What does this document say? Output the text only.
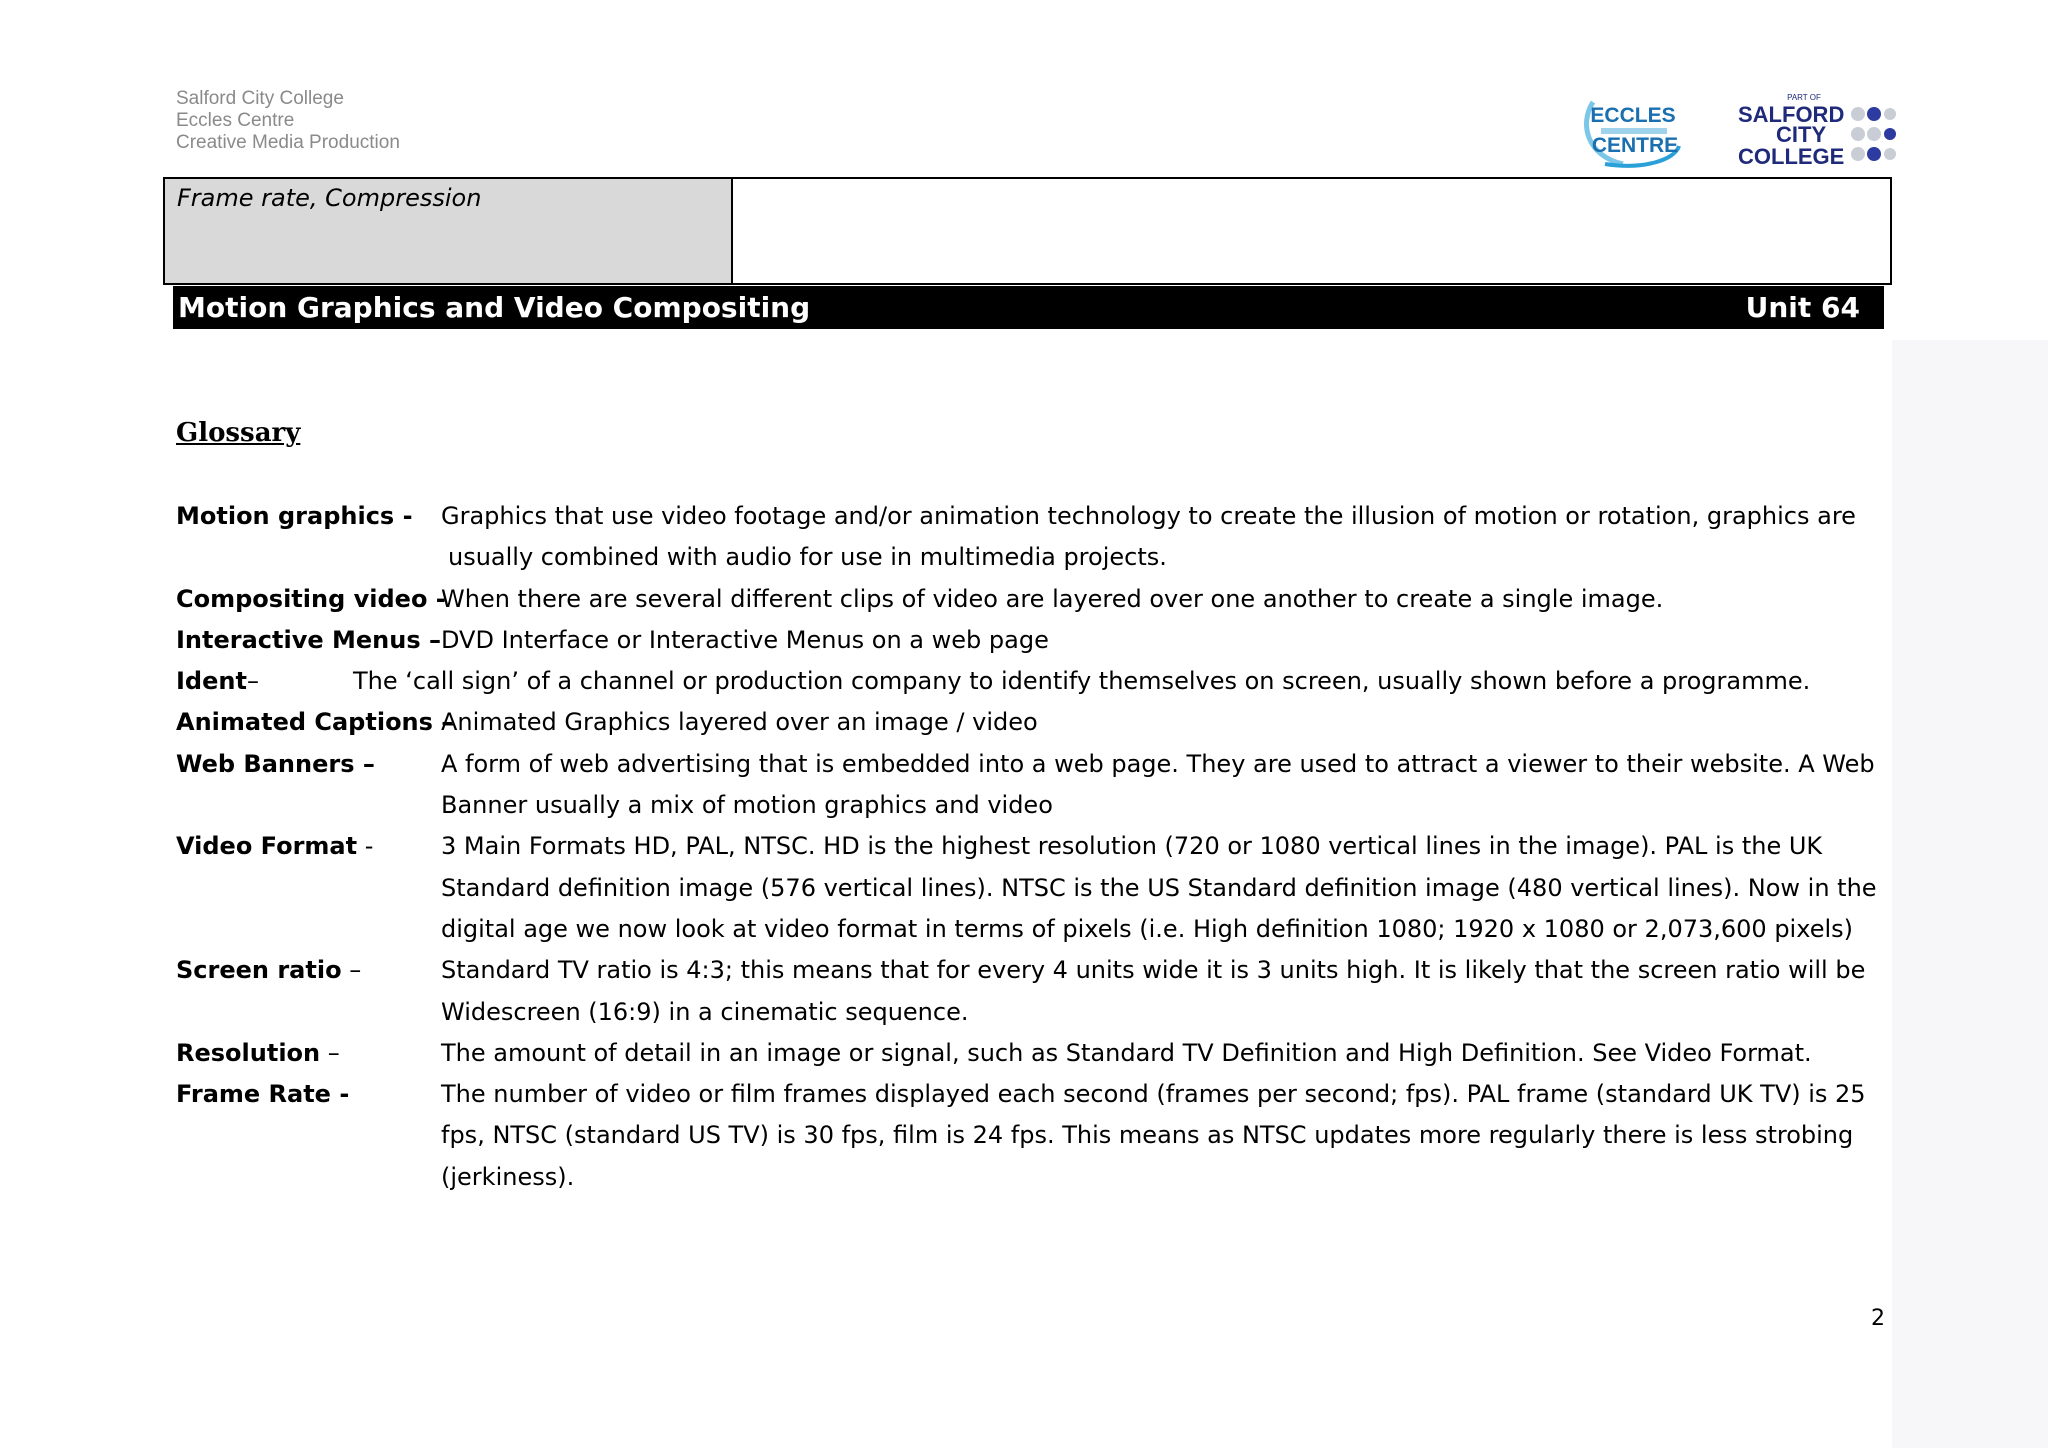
Salford City College
Eccles Centre
Creative Media Production
ECCLES
CENTRE
PART OF
SALFORD
CITY
COLLEGE
Frame rate, Compression
Motion Graphics and Video Compositing	Unit 64
Glossary
Motion graphics - Graphics that use video footage and/or animation technology to create the illusion of motion or rotation, graphics are
usually combined with audio for use in multimedia projects.
Compositing video -
When there are several different clips of video are layered over one another to create a single image.
Interactive Menus – DVD Interface or Interactive Menus on a web page
Ident–	The ‘call sign’ of a channel or production company to identify themselves on screen, usually shown before a programme.
Animated Captions –
Animated Graphics layered over an image / video
Web Banners –	A form of web advertising that is embedded into a web page. They are used to attract a viewer to their website. A Web
Banner usually a mix of motion graphics and video
Video Format -	3 Main Formats HD, PAL, NTSC. HD is the highest resolution (720 or 1080 vertical lines in the image). PAL is the UK
Standard definition image (576 vertical lines). NTSC is the US Standard definition image (480 vertical lines). Now in the
digital age we now look at video format in terms of pixels (i.e. High definition 1080; 1920 x 1080 or 2,073,600 pixels)
Screen ratio –	Standard TV ratio is 4:3; this means that for every 4 units wide it is 3 units high. It is likely that the screen ratio will be
Widescreen (16:9) in a cinematic sequence.
Resolution –	The amount of detail in an image or signal, such as Standard TV Definition and High Definition. See Video Format.
Frame Rate -	The number of video or film frames displayed each second (frames per second; fps). PAL frame (standard UK TV) is 25
fps, NTSC (standard US TV) is 30 fps, film is 24 fps. This means as NTSC updates more regularly there is less strobing
(jerkiness).
2
